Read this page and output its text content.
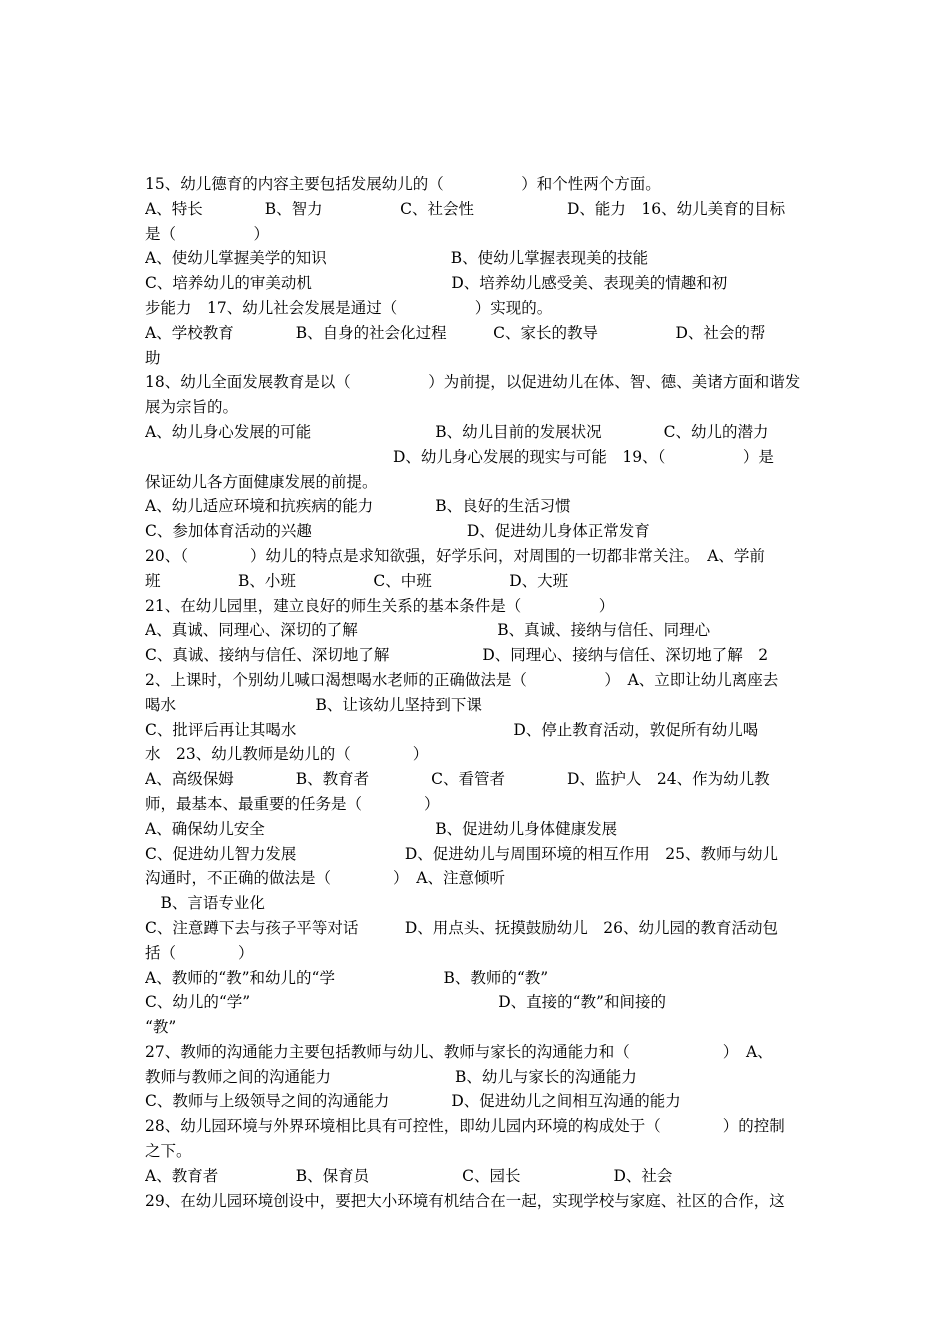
15、幼儿德育的内容主要包括发展幼儿的（　　　　　）和个性两个方面。
A、特长　　　　B、智力　　　　　C、社会性　　　　　　D、能力　16、幼儿美育的目标
是（　　　　　）
A、使幼儿掌握美学的知识　　　　　　　　B、使幼儿掌握表现美的技能
C、培养幼儿的审美动机　　　　　　　　　D、培养幼儿感受美、表现美的情趣和初
步能力　17、幼儿社会发展是通过（　　　　　）实现的。
A、学校教育　　　　B、自身的社会化过程　　　C、家长的教导　　　　　D、社会的帮
助
18、幼儿全面发展教育是以（　　　　　）为前提，以促进幼儿在体、智、德、美诸方面和谐发
展为宗旨的。
A、幼儿身心发展的可能　　　　　　　　B、幼儿目前的发展状况　　　　C、幼儿的潜力
　　　　　　　　　　　　　　　　D、幼儿身心发展的现实与可能　19、（　　　　　）是
保证幼儿各方面健康发展的前提。
A、幼儿适应环境和抗疾病的能力　　　　B、良好的生活习惯
C、参加体育活动的兴趣　　　　　　　　　　D、促进幼儿身体正常发育
20、（　　　　）幼儿的特点是求知欲强，好学乐问，对周围的一切都非常关注。　A、学前
班　　　　　B、小班　　　　　C、中班　　　　　D、大班
21、在幼儿园里，建立良好的师生关系的基本条件是（　　　　　）
A、真诚、同理心、深切的了解　　　　　　　　　B、真诚、接纳与信任、同理心
C、真诚、接纳与信任、深切地了解　　　　　　D、同理心、接纳与信任、深切地了解　2
2、上课时，个别幼儿喊口渴想喝水老师的正确做法是（　　　　　）　A、立即让幼儿离座去
喝水　　　　　　　　　B、让该幼儿坚持到下课
C、批评后再让其喝水　　　　　　　　　　　　　　D、停止教育活动，敦促所有幼儿喝
水　23、幼儿教师是幼儿的（　　　　）
A、高级保姆　　　　B、教育者　　　　C、看管者　　　　D、监护人　24、作为幼儿教
师，最基本、最重要的任务是（　　　　）
A、确保幼儿安全　　　　　　　　　　　B、促进幼儿身体健康发展
C、促进幼儿智力发展　　　　　　　D、促进幼儿与周围环境的相互作用　25、教师与幼儿
沟通时，不正确的做法是（　　　　）　A、注意倾听
　B、言语专业化
C、注意蹲下去与孩子平等对话　　　D、用点头、抚摸鼓励幼儿　26、幼儿园的教育活动包
括（　　　　）
A、教师的“教”和幼儿的“学　　　　　　　B、教师的“教”
C、幼儿的“学”　　　　　　　　　　　　　　　　D、直接的“教”和间接的
“教”
27、教师的沟通能力主要包括教师与幼儿、教师与家长的沟通能力和（　　　　　　）　A、
教师与教师之间的沟通能力　　　　　　　　B、幼儿与家长的沟通能力
C、教师与上级领导之间的沟通能力　　　　D、促进幼儿之间相互沟通的能力
28、幼儿园环境与外界环境相比具有可控性，即幼儿园内环境的构成处于（　　　　）的控制
之下。
A、教育者　　　　　B、保育员　　　　　　C、园长　　　　　　D、社会
29、在幼儿园环境创设中，要把大小环境有机结合在一起，实现学校与家庭、社区的合作，这
